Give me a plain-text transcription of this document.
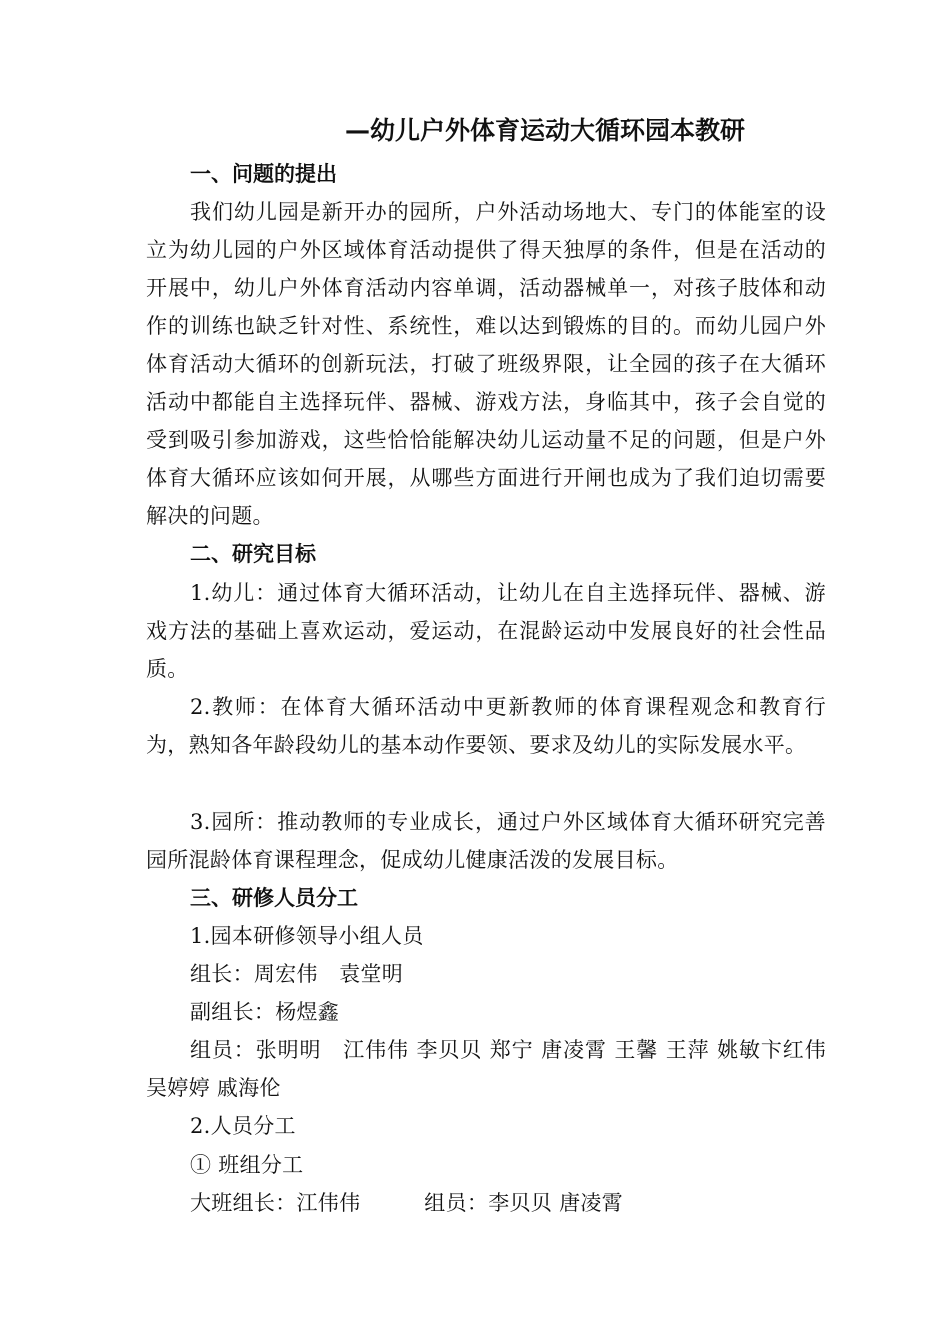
—幼儿户外体育运动大循环园本教研
一、问题的提出
我们幼儿园是新开办的园所，户外活动场地大、专门的体能室的设立为幼儿园的户外区域体育活动提供了得天独厚的条件，但是在活动的开展中，幼儿户外体育活动内容单调，活动器械单一，对孩子肢体和动作的训练也缺乏针对性、系统性，难以达到锻炼的目的。而幼儿园户外体育活动大循环的创新玩法，打破了班级界限，让全园的孩子在大循环活动中都能自主选择玩伴、器械、游戏方法，身临其中，孩子会自觉的受到吸引参加游戏，这些恰恰能解决幼儿运动量不足的问题，但是户外体育大循环应该如何开展，从哪些方面进行开闸也成为了我们迫切需要解决的问题。
二、研究目标
1.幼儿：通过体育大循环活动，让幼儿在自主选择玩伴、器械、游戏方法的基础上喜欢运动，爱运动，在混龄运动中发展良好的社会性品质。
2.教师：在体育大循环活动中更新教师的体育课程观念和教育行为，熟知各年龄段幼儿的基本动作要领、要求及幼儿的实际发展水平。
3.园所：推动教师的专业成长，通过户外区域体育大循环研究完善园所混龄体育课程理念，促成幼儿健康活泼的发展目标。
三、研修人员分工
1.园本研修领导小组人员
组长：周宏伟　袁堂明
副组长：杨煜鑫
组员：张明明　江伟伟 李贝贝 郑宁 唐凌霄 王馨 王萍 姚敏卞红伟 吴婷婷 戚海伦
2.人员分工
① 班组分工
大班组长：江伟伟　　　组员：李贝贝 唐凌霄
